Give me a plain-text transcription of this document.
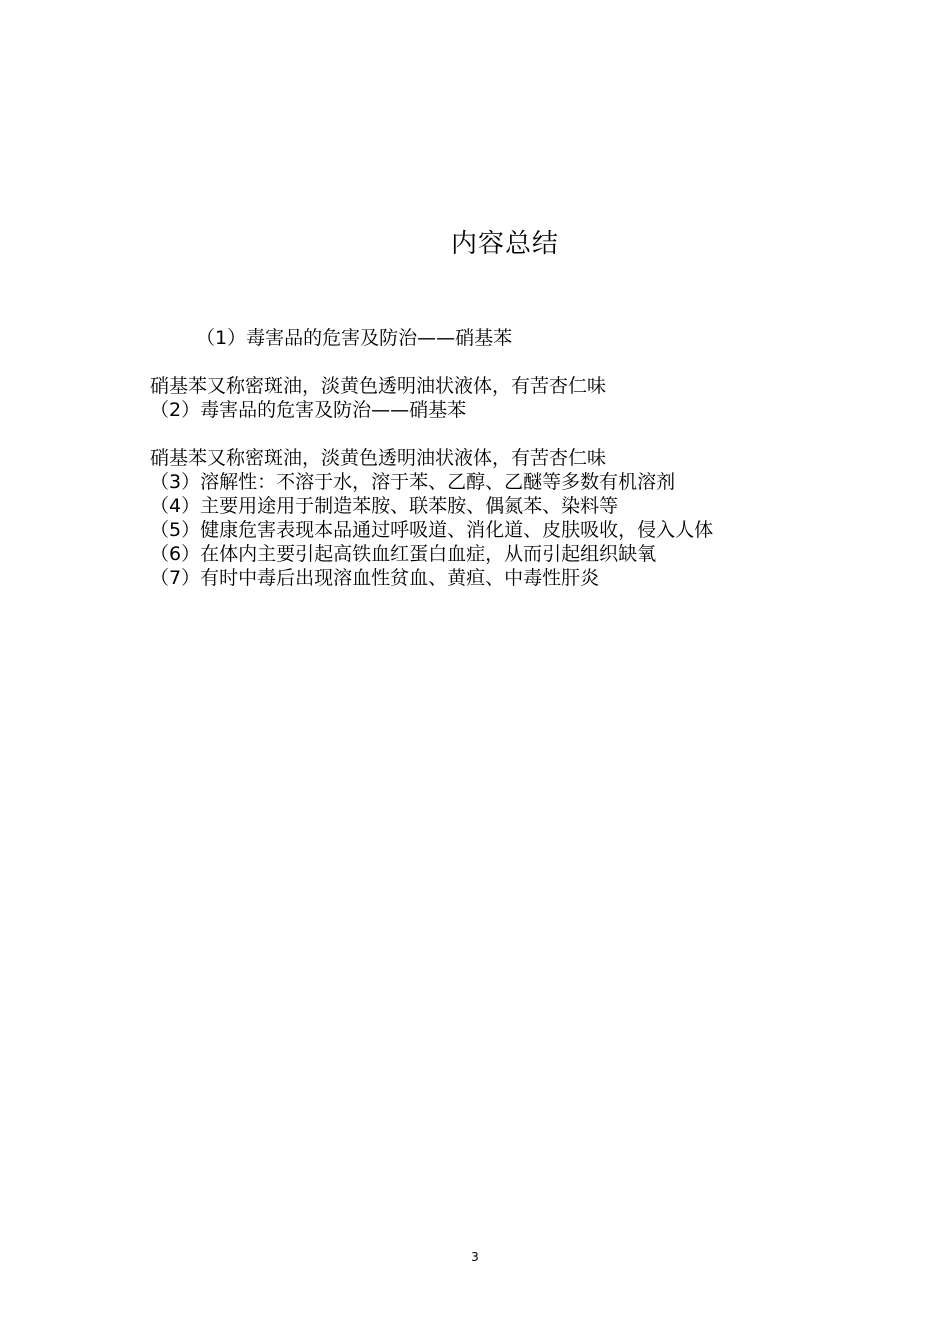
内容总结
（1）毒害品的危害及防治——硝基苯
硝基苯又称密斑油，淡黄色透明油状液体，有苦杏仁味
（2）毒害品的危害及防治——硝基苯
硝基苯又称密斑油，淡黄色透明油状液体，有苦杏仁味
（3）溶解性：不溶于水，溶于苯、乙醇、乙醚等多数有机溶剂
（4）主要用途用于制造苯胺、联苯胺、偶氮苯、染料等
（5）健康危害表现本品通过呼吸道、消化道、皮肤吸收，侵入人体
（6）在体内主要引起高铁血红蛋白血症，从而引起组织缺氧
（7）有时中毒后出现溶血性贫血、黄疸、中毒性肝炎
3
